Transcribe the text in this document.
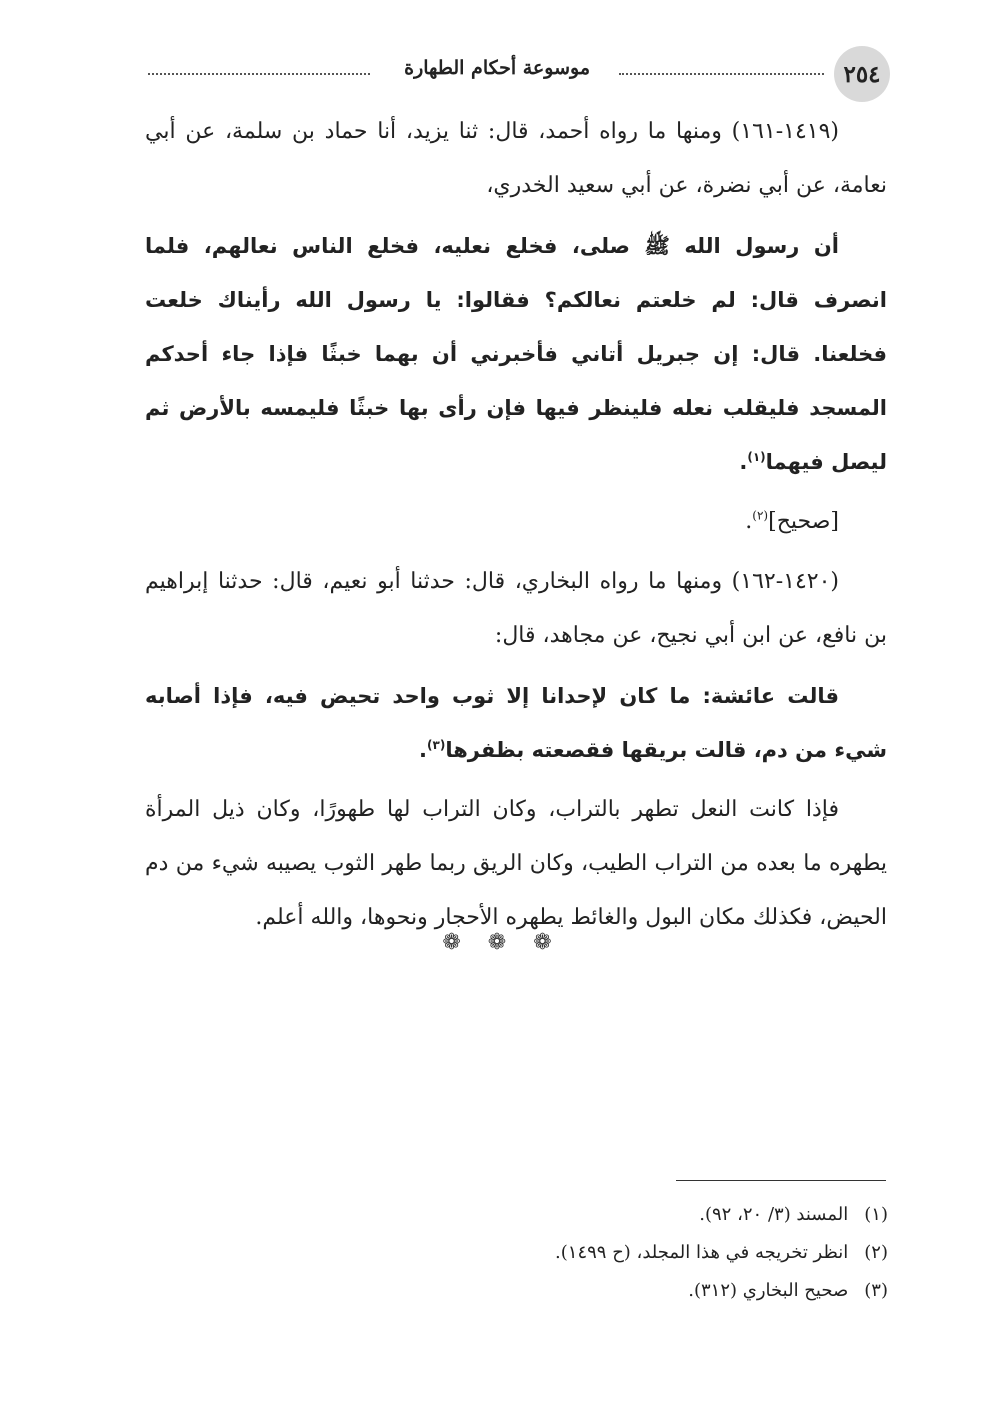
٢٥٤
موسوعة أحكام الطهارة

(١٤١٩-١٦١) ومنها ما رواه أحمد، قال: ثنا يزيد، أنا حماد بن سلمة، عن أبي نعامة، عن أبي نضرة، عن أبي سعيد الخدري،

أن رسول الله ﷺ صلى، فخلع نعليه، فخلع الناس نعالهم، فلما انصرف قال: لم خلعتم نعالكم؟ فقالوا: يا رسول الله رأيناك خلعت فخلعنا. قال: إن جبريل أتاني فأخبرني أن بهما خبثًا فإذا جاء أحدكم المسجد فليقلب نعله فلينظر فيها فإن رأى بها خبثًا فليمسه بالأرض ثم ليصل فيهما$^{(١)}$.

[صحيح]$^{(٢)}$.

(١٤٢٠-١٦٢) ومنها ما رواه البخاري، قال: حدثنا أبو نعيم، قال: حدثنا إبراهيم بن نافع، عن ابن أبي نجيح، عن مجاهد، قال:

قالت عائشة: ما كان لإحدانا إلا ثوب واحد تحيض فيه، فإذا أصابه شيء من دم، قالت بريقها فقصعته بظفرها$^{(٣)}$.

فإذا كانت النعل تطهر بالتراب، وكان التراب لها طهورًا، وكان ذيل المرأة يطهره ما بعده من التراب الطيب، وكان الريق ربما طهر الثوب يصيبه شيء من دم الحيض، فكذلك مكان البول والغائط يطهره الأحجار ونحوها، والله أعلم.

❁ ❁ ❁

(١) المسند (٣/ ٢٠، ٩٢).

(٢) انظر تخريجه في هذا المجلد، (ح ١٤٩٩).

(٣) صحيح البخاري (٣١٢).
